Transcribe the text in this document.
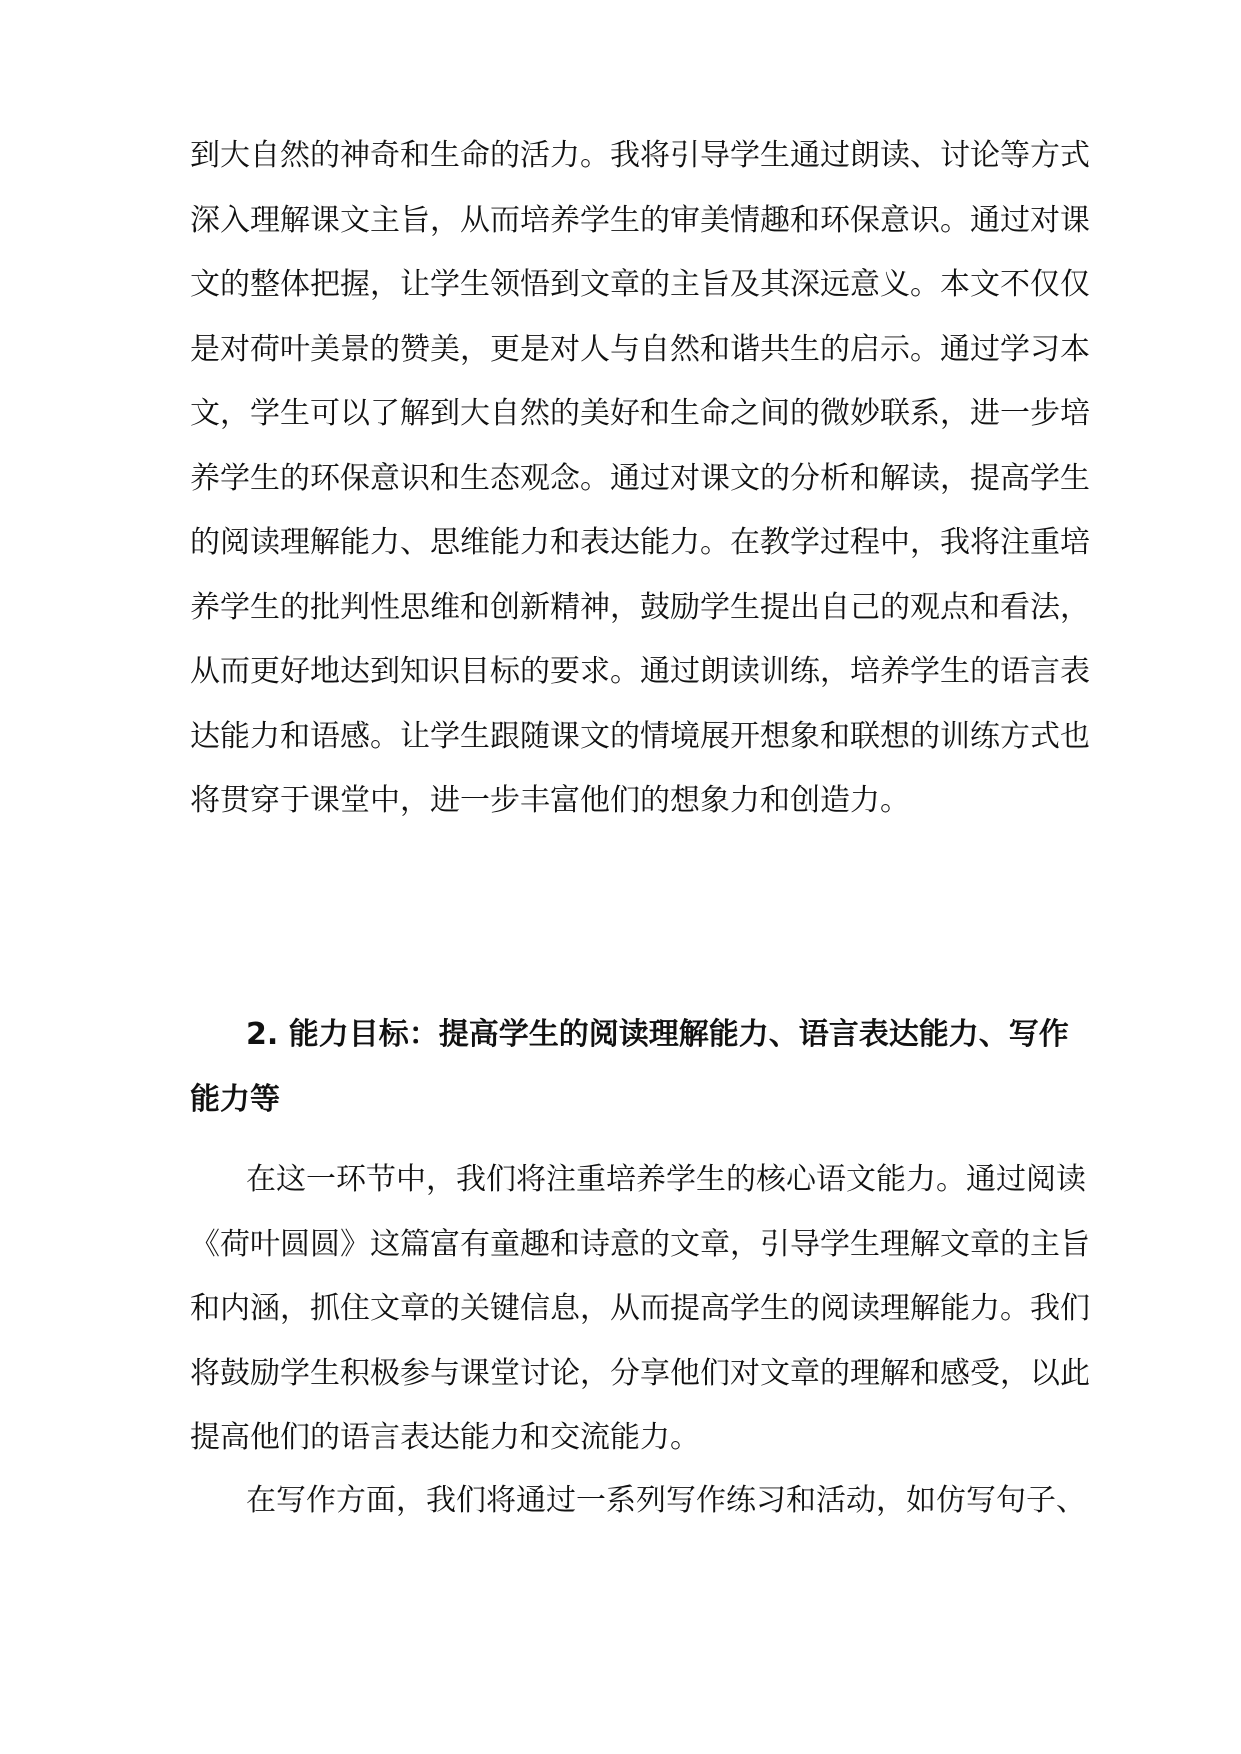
到大自然的神奇和生命的活力。我将引导学生通过朗读、讨论等方式
深入理解课文主旨，从而培养学生的审美情趣和环保意识。通过对课
文的整体把握，让学生领悟到文章的主旨及其深远意义。本文不仅仅
是对荷叶美景的赞美，更是对人与自然和谐共生的启示。通过学习本
文，学生可以了解到大自然的美好和生命之间的微妙联系，进一步培
养学生的环保意识和生态观念。通过对课文的分析和解读，提高学生
的阅读理解能力、思维能力和表达能力。在教学过程中，我将注重培
养学生的批判性思维和创新精神，鼓励学生提出自己的观点和看法，
从而更好地达到知识目标的要求。通过朗读训练，培养学生的语言表
达能力和语感。让学生跟随课文的情境展开想象和联想的训练方式也
将贯穿于课堂中，进一步丰富他们的想象力和创造力。
2. 能力目标：提高学生的阅读理解能力、语言表达能力、写作
能力等
在这一环节中，我们将注重培养学生的核心语文能力。通过阅读
《荷叶圆圆》这篇富有童趣和诗意的文章，引导学生理解文章的主旨
和内涵，抓住文章的关键信息，从而提高学生的阅读理解能力。我们
将鼓励学生积极参与课堂讨论，分享他们对文章的理解和感受，以此
提高他们的语言表达能力和交流能力。
在写作方面，我们将通过一系列写作练习和活动，如仿写句子、
